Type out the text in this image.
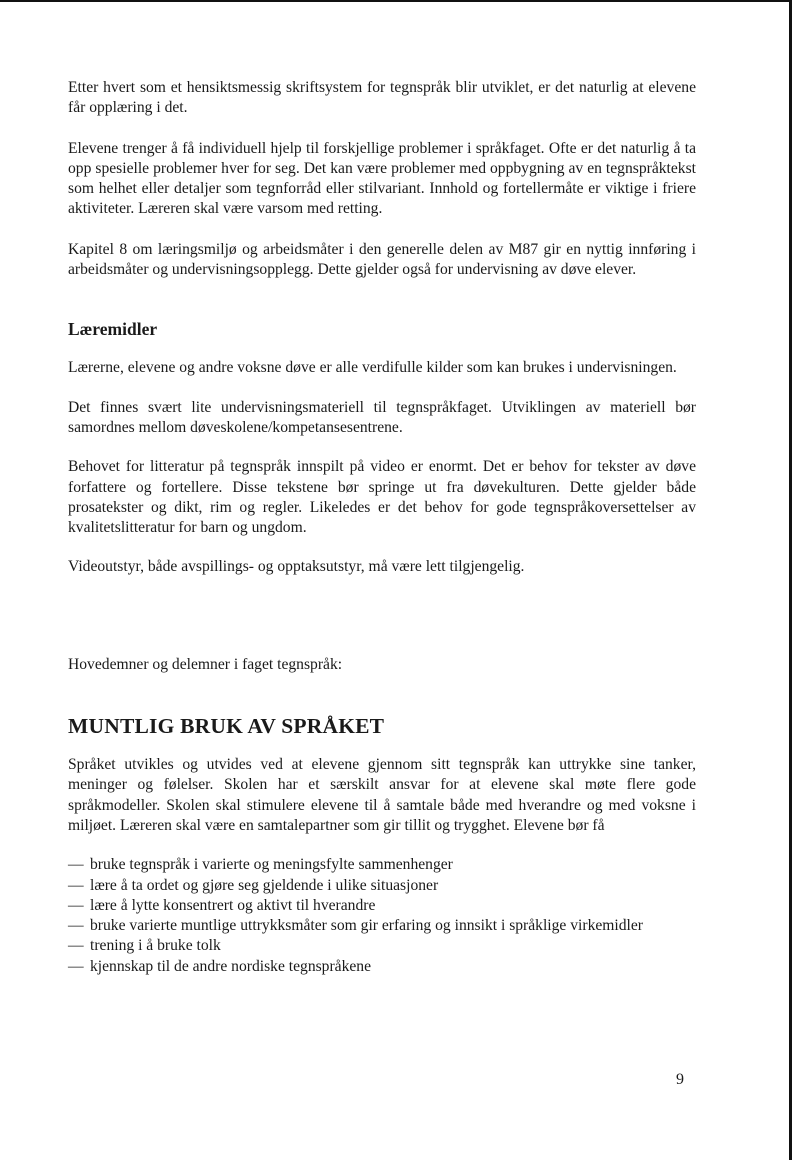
Etter hvert som et hensiktsmessig skriftsystem for tegnspråk blir utviklet, er det naturlig at elevene får opplæring i det.

Elevene trenger å få individuell hjelp til forskjellige problemer i språkfaget. Ofte er det naturlig å ta opp spesielle problemer hver for seg. Det kan være problemer med oppbygning av en tegnspråktekst som helhet eller detaljer som tegnforråd eller stilvariant. Innhold og fortellermåte er viktige i friere aktiviteter. Læreren skal være varsom med retting.

Kapitel 8 om læringsmiljø og arbeidsmåter i den generelle delen av M87 gir en nyttig innføring i arbeidsmåter og undervisningsopplegg. Dette gjelder også for undervisning av døve elever.

Læremidler

Lærerne, elevene og andre voksne døve er alle verdifulle kilder som kan brukes i undervisningen.

Det finnes svært lite undervisningsmateriell til tegnspråkfaget. Utviklingen av materiell bør samordnes mellom døveskolene/kompetansesentrene.

Behovet for litteratur på tegnspråk innspilt på video er enormt. Det er behov for tekster av døve forfattere og fortellere. Disse tekstene bør springe ut fra døvekulturen. Dette gjelder både prosatekster og dikt, rim og regler. Likeledes er det behov for gode tegnspråkoversettelser av kvalitetslitteratur for barn og ungdom.

Videoutstyr, både avspillings- og opptaksutstyr, må være lett tilgjengelig.

Hovedemner og delemner i faget tegnspråk:

MUNTLIG BRUK AV SPRÅKET

Språket utvikles og utvides ved at elevene gjennom sitt tegnspråk kan uttrykke sine tanker, meninger og følelser. Skolen har et særskilt ansvar for at elevene skal møte flere gode språkmodeller. Skolen skal stimulere elevene til å samtale både med hverandre og med voksne i miljøet. Læreren skal være en samtalepartner som gir tillit og trygghet. Elevene bør få

— bruke tegnspråk i varierte og meningsfylte sammenhenger
— lære å ta ordet og gjøre seg gjeldende i ulike situasjoner
— lære å lytte konsentrert og aktivt til hverandre
— bruke varierte muntlige uttrykksmåter som gir erfaring og innsikt i språklige virkemidler
— trening i å bruke tolk
— kjennskap til de andre nordiske tegnspråkene
9
